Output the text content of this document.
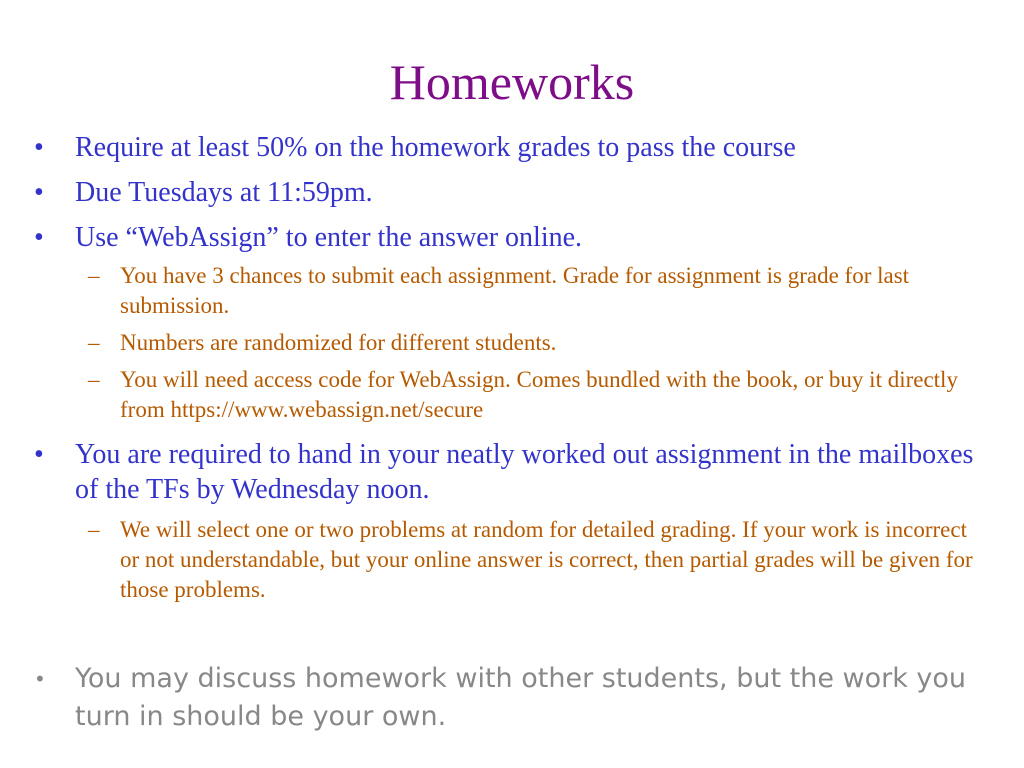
Homeworks
• Require at least 50% on the homework grades to pass the course
• Due Tuesdays at 11:59pm.
• Use “WebAssign” to enter the answer online.
– You have 3 chances to submit each assignment. Grade for assignment is grade for last submission.
– Numbers are randomized for different students.
– You will need access code for WebAssign. Comes bundled with the book, or buy it directly from https://www.webassign.net/secure
• You are required to hand in your neatly worked out assignment in the mailboxes of the TFs by Wednesday noon.
– We will select one or two problems at random for detailed grading. If your work is incorrect or not understandable, but your online answer is correct, then partial grades will be given for those problems.
• You may discuss homework with other students, but the work you turn in should be your own.
